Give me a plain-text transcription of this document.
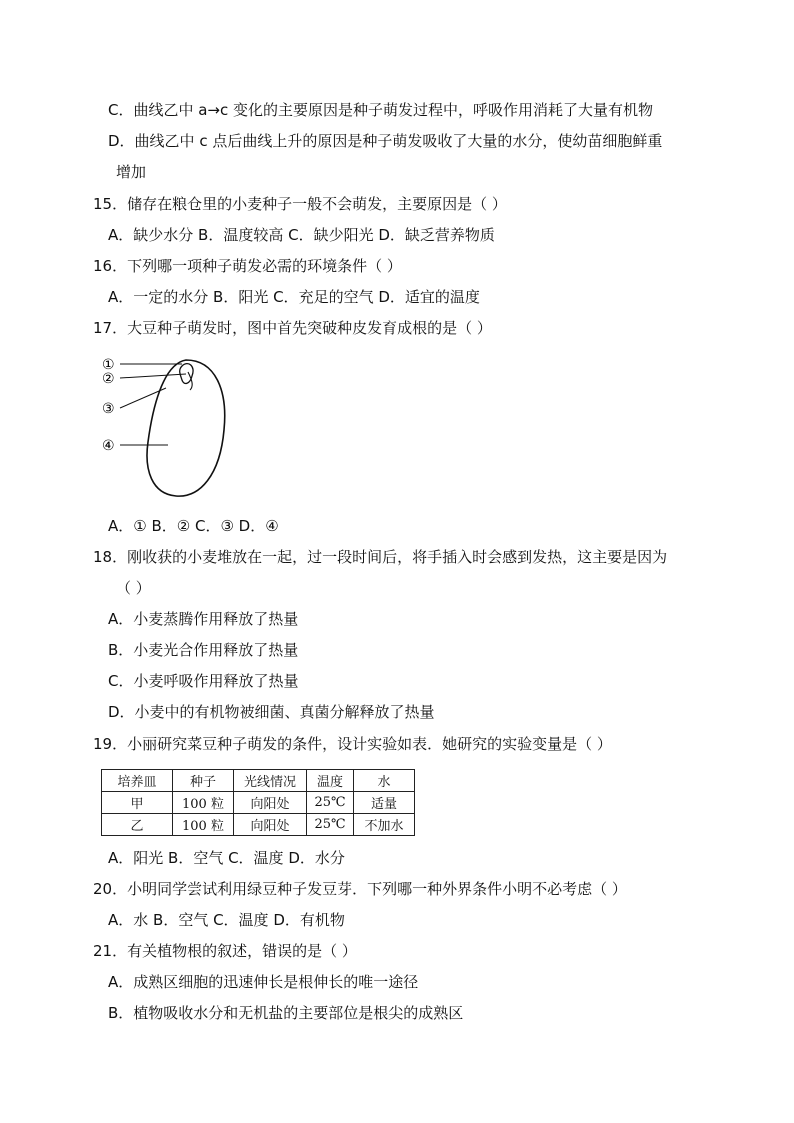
C．曲线乙中 a→c 变化的主要原因是种子萌发过程中，呼吸作用消耗了大量有机物
D．曲线乙中 c 点后曲线上升的原因是种子萌发吸收了大量的水分，使幼苗细胞鲜重
增加
15．储存在粮仓里的小麦种子一般不会萌发，主要原因是（ ）
A．缺少水分 B．温度较高 C．缺少阳光 D．缺乏营养物质
16．下列哪一项种子萌发必需的环境条件（ ）
A．一定的水分 B．阳光 C．充足的空气 D．适宜的温度
17．大豆种子萌发时，图中首先突破种皮发育成根的是（ ）
①
②
③
④
A．① B．② C．③ D．④
18．刚收获的小麦堆放在一起，过一段时间后，将手插入时会感到发热，这主要是因为
（ ）
A．小麦蒸腾作用释放了热量
B．小麦光合作用释放了热量
C．小麦呼吸作用释放了热量
D．小麦中的有机物被细菌、真菌分解释放了热量
19．小丽研究菜豆种子萌发的条件，设计实验如表．她研究的实验变量是（ ）
培养皿	种子	光线情况	温度	水
甲	100 粒	向阳处	25℃	适量
乙	100 粒	向阳处	25℃	不加水
A．阳光 B．空气 C．温度 D．水分
20．小明同学尝试利用绿豆种子发豆芽．下列哪一种外界条件小明不必考虑（ ）
A．水 B．空气 C．温度 D．有机物
21．有关植物根的叙述，错误的是（ ）
A．成熟区细胞的迅速伸长是根伸长的唯一途径
B．植物吸收水分和无机盐的主要部位是根尖的成熟区
